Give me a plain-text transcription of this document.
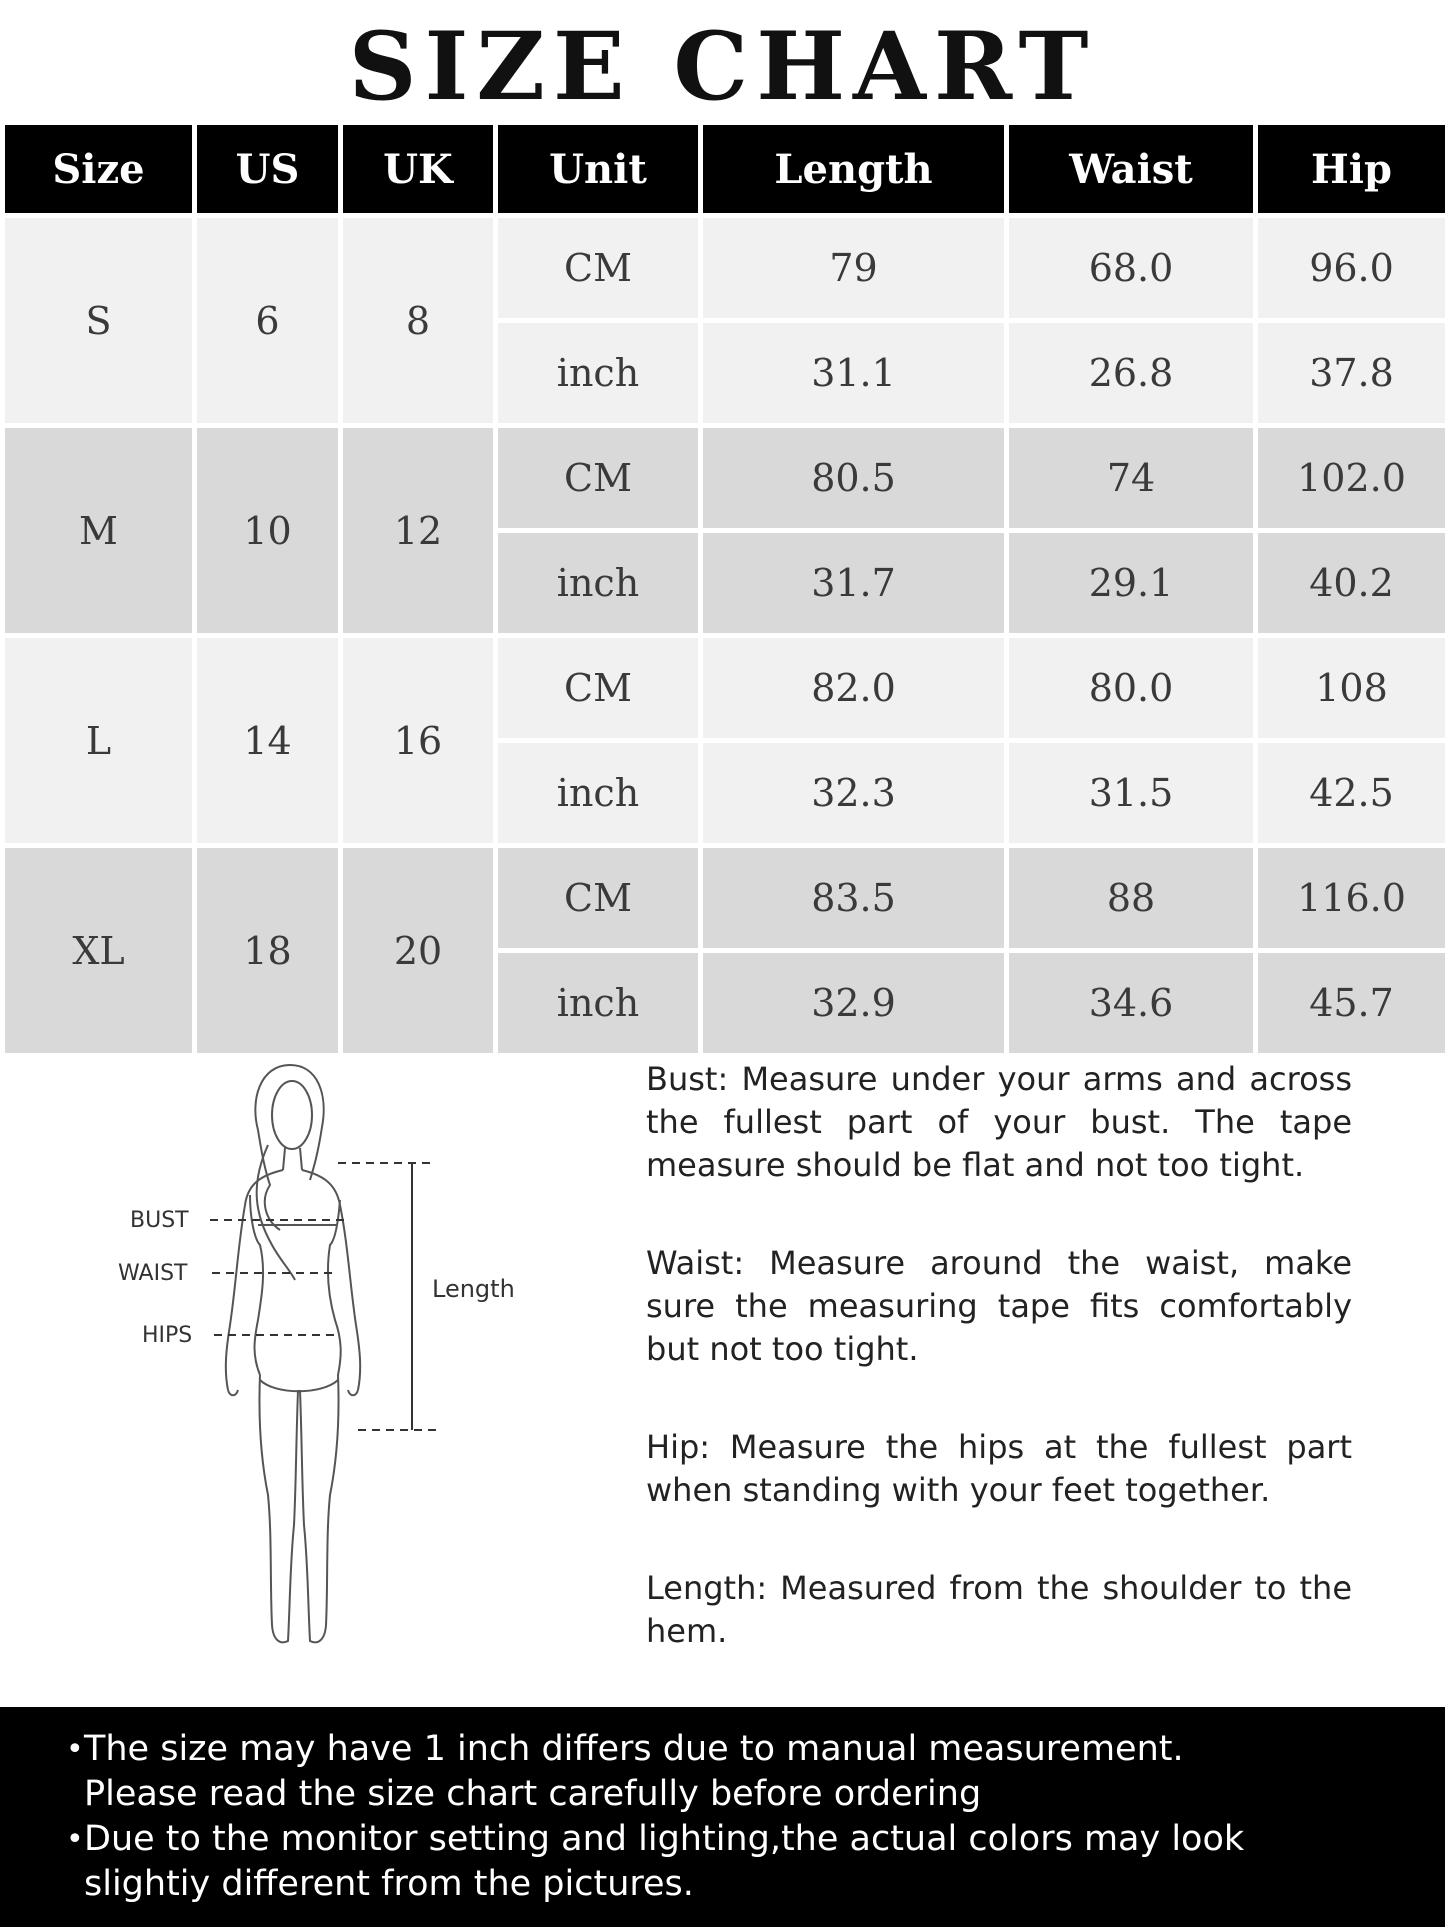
SIZE CHART
Size	US	UK	Unit	Length	Waist	Hip
S	6	8	CM	79	68.0	96.0
			inch	31.1	26.8	37.8
M	10	12	CM	80.5	74	102.0
			inch	31.7	29.1	40.2
L	14	16	CM	82.0	80.0	108
			inch	32.3	31.5	42.5
XL	18	20	CM	83.5	88	116.0
			inch	32.9	34.6	45.7
BUST
WAIST
HIPS
Length

Bust: Measure under your arms and across the fullest part of your bust. The tape measure should be flat and not too tight.

Waist: Measure around the waist, make sure the measuring tape fits comfortably but not too tight.

Hip: Measure the hips at the fullest part when standing with your feet together.

Length: Measured from the shoulder to the hem.

• The size may have 1 inch differs due to manual measurement.
Please read the size chart carefully before ordering
• Due to the monitor setting and lighting,the actual colors may look
slightiy different from the pictures.
